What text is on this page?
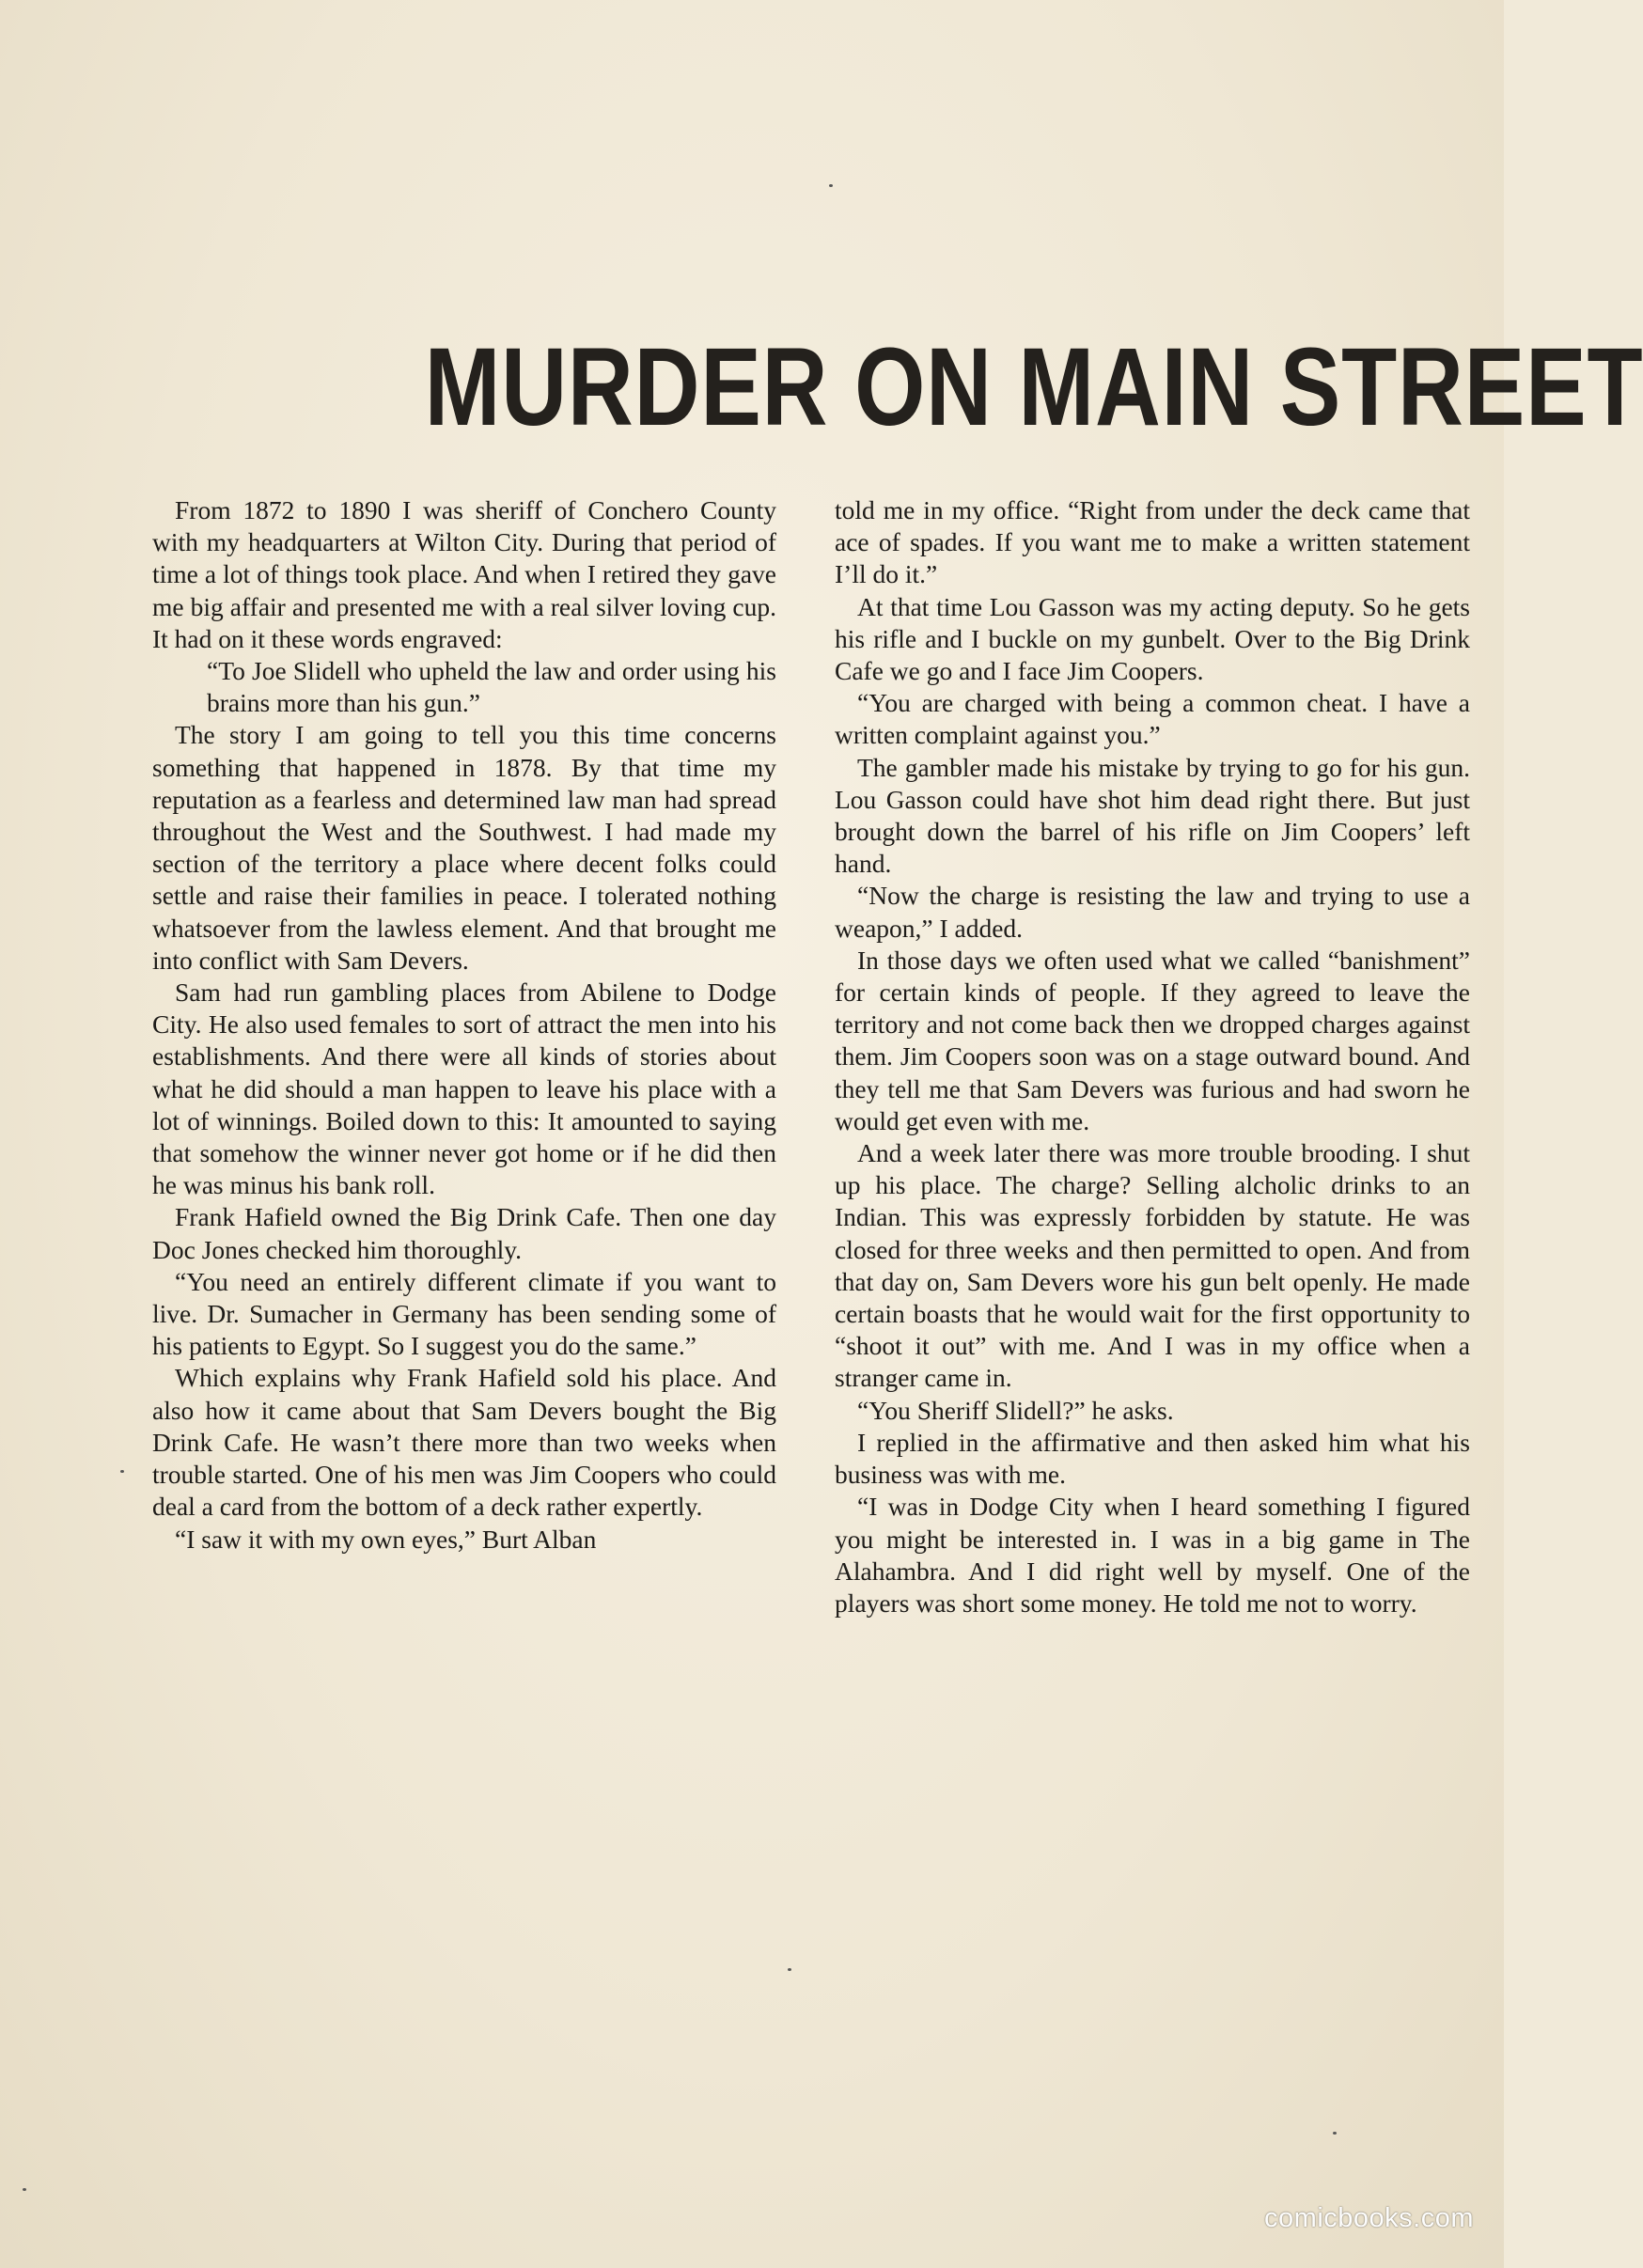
MURDER ON MAIN STREET

From 1872 to 1890 I was sheriff of Conchero County with my headquarters at Wilton City. During that period of time a lot of things took place. And when I retired they gave me big affair and presented me with a real silver loving cup. It had on it these words engraved:

“To Joe Slidell who upheld the law and order using his brains more than his gun.”

The story I am going to tell you this time concerns something that happened in 1878. By that time my reputation as a fearless and determined law man had spread throughout the West and the Southwest. I had made my section of the territory a place where decent folks could settle and raise their families in peace. I tolerated nothing whatsoever from the lawless element. And that brought me into conflict with Sam Devers.

Sam had run gambling places from Abilene to Dodge City. He also used females to sort of attract the men into his establishments. And there were all kinds of stories about what he did should a man happen to leave his place with a lot of winnings. Boiled down to this: It amounted to saying that somehow the winner never got home or if he did then he was minus his bank roll.

Frank Hafield owned the Big Drink Cafe. Then one day Doc Jones checked him thoroughly.

“You need an entirely different climate if you want to live. Dr. Sumacher in Germany has been sending some of his patients to Egypt. So I suggest you do the same.”

Which explains why Frank Hafield sold his place. And also how it came about that Sam Devers bought the Big Drink Cafe. He wasn’t there more than two weeks when trouble started. One of his men was Jim Coopers who could deal a card from the bottom of a deck rather expertly.

“I saw it with my own eyes,” Burt Alban

told me in my office. “Right from under the deck came that ace of spades. If you want me to make a written statement I’ll do it.”

At that time Lou Gasson was my acting deputy. So he gets his rifle and I buckle on my gunbelt. Over to the Big Drink Cafe we go and I face Jim Coopers.

“You are charged with being a common cheat. I have a written complaint against you.”

The gambler made his mistake by trying to go for his gun. Lou Gasson could have shot him dead right there. But just brought down the barrel of his rifle on Jim Coopers’ left hand.

“Now the charge is resisting the law and trying to use a weapon,” I added.

In those days we often used what we called “banishment” for certain kinds of people. If they agreed to leave the territory and not come back then we dropped charges against them. Jim Coopers soon was on a stage outward bound. And they tell me that Sam Devers was furious and had sworn he would get even with me.

And a week later there was more trouble brooding. I shut up his place. The charge? Selling alcholic drinks to an Indian. This was expressly forbidden by statute. He was closed for three weeks and then permitted to open. And from that day on, Sam Devers wore his gun belt openly. He made certain boasts that he would wait for the first opportunity to “shoot it out” with me. And I was in my office when a stranger came in.

“You Sheriff Slidell?” he asks.

I replied in the affirmative and then asked him what his business was with me.

“I was in Dodge City when I heard something I figured you might be interested in. I was in a big game in The Alahambra. And I did right well by myself. One of the players was short some money. He told me not to worry.

comicbooks.com
